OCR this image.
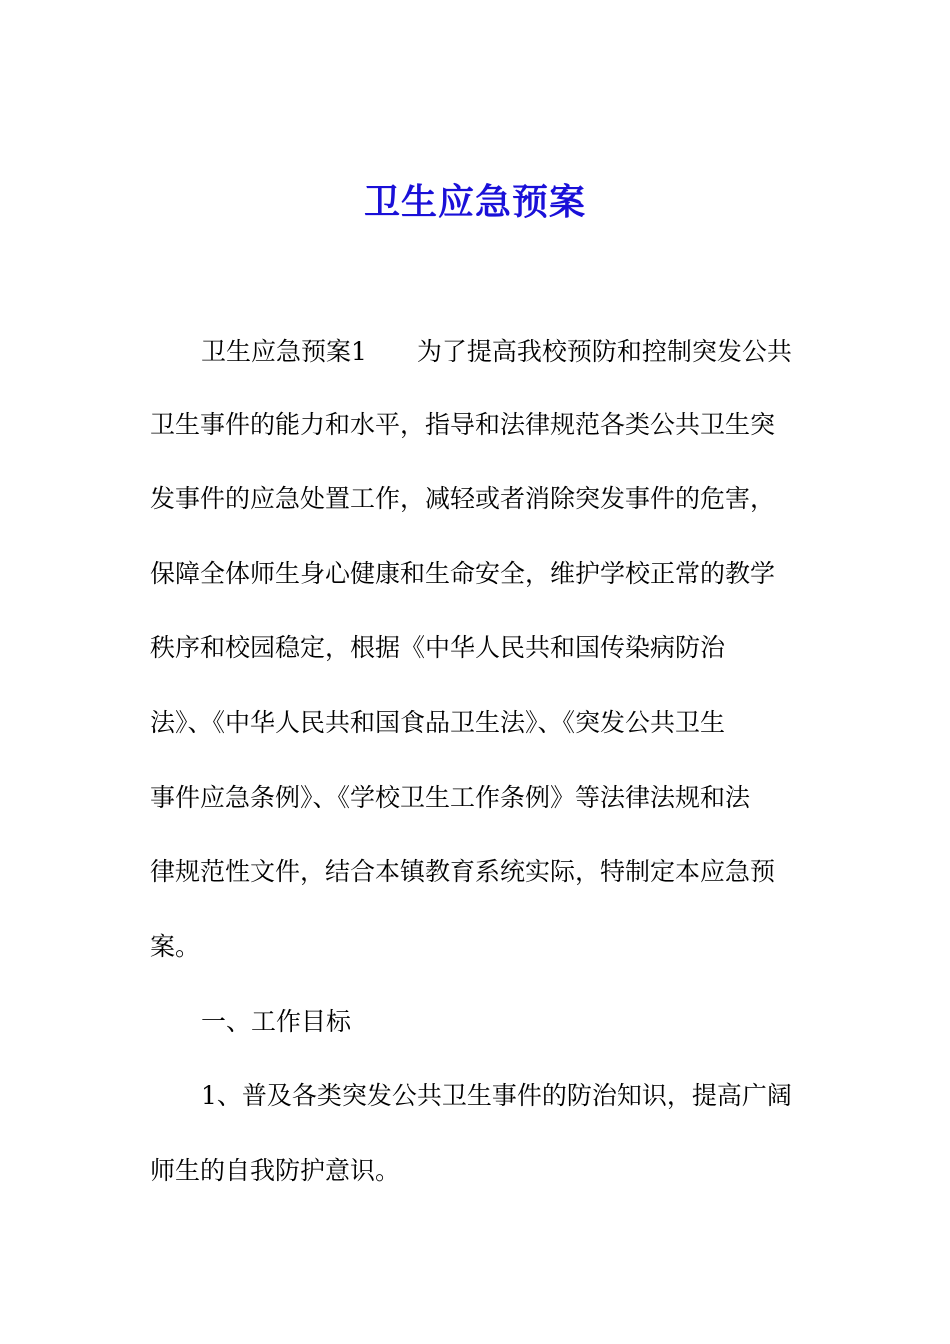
卫生应急预案
卫生应急预案1 为了提高我校预防和控制突发公共
卫生事件的能力和水平，指导和法律规范各类公共卫生突
发事件的应急处置工作，减轻或者消除突发事件的危害，
保障全体师生身心健康和生命安全，维护学校正常的教学
秩序和校园稳定，根据《中华人民共和国传染病防治
法》、《中华人民共和国食品卫生法》、《突发公共卫生
事件应急条例》、《学校卫生工作条例》等法律法规和法
律规范性文件，结合本镇教育系统实际，特制定本应急预
案。
一、工作目标
1、普及各类突发公共卫生事件的防治知识，提高广阔
师生的自我防护意识。
